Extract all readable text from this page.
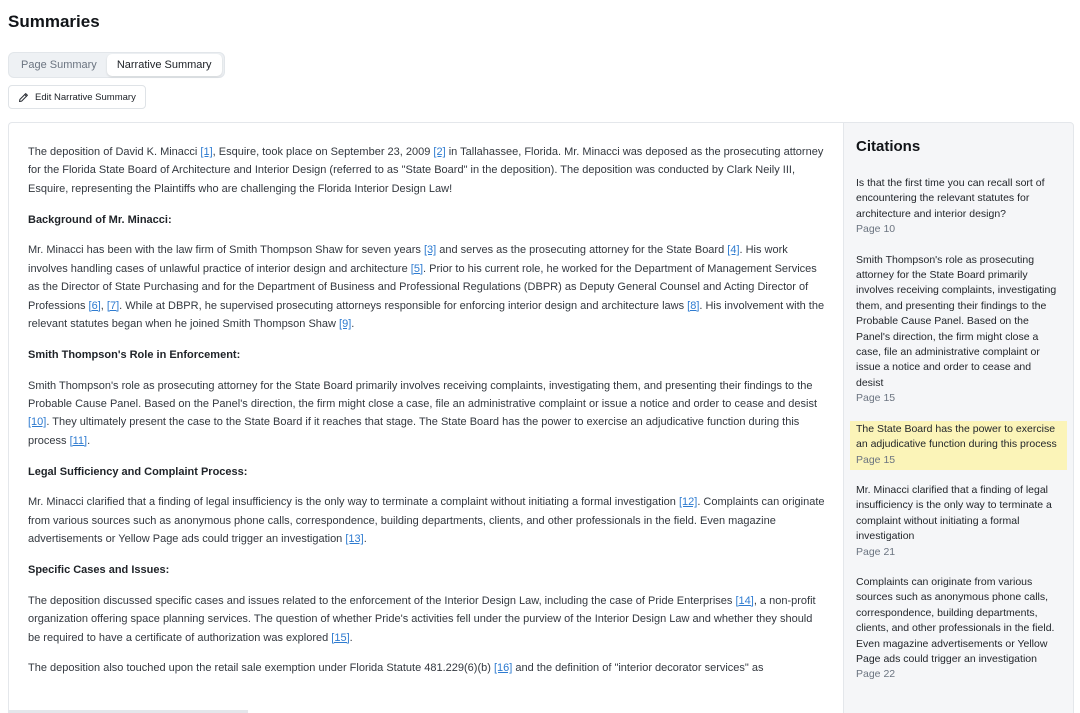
Summaries
Page Summary	Narrative Summary
Edit Narrative Summary

The deposition of David K. Minacci [1], Esquire, took place on September 23, 2009 [2] in Tallahassee, Florida. Mr. Minacci was deposed as the prosecuting attorney for the Florida State Board of Architecture and Interior Design (referred to as "State Board" in the deposition). The deposition was conducted by Clark Neily III, Esquire, representing the Plaintiffs who are challenging the Florida Interior Design Law!

Background of Mr. Minacci:

Mr. Minacci has been with the law firm of Smith Thompson Shaw for seven years [3] and serves as the prosecuting attorney for the State Board [4]. His work involves handling cases of unlawful practice of interior design and architecture [5]. Prior to his current role, he worked for the Department of Management Services as the Director of State Purchasing and for the Department of Business and Professional Regulations (DBPR) as Deputy General Counsel and Acting Director of Professions [6], [7]. While at DBPR, he supervised prosecuting attorneys responsible for enforcing interior design and architecture laws [8]. His involvement with the relevant statutes began when he joined Smith Thompson Shaw [9].

Smith Thompson's Role in Enforcement:

Smith Thompson's role as prosecuting attorney for the State Board primarily involves receiving complaints, investigating them, and presenting their findings to the Probable Cause Panel. Based on the Panel's direction, the firm might close a case, file an administrative complaint or issue a notice and order to cease and desist [10]. They ultimately present the case to the State Board if it reaches that stage. The State Board has the power to exercise an adjudicative function during this process [11].

Legal Sufficiency and Complaint Process:

Mr. Minacci clarified that a finding of legal insufficiency is the only way to terminate a complaint without initiating a formal investigation [12]. Complaints can originate from various sources such as anonymous phone calls, correspondence, building departments, clients, and other professionals in the field. Even magazine advertisements or Yellow Page ads could trigger an investigation [13].

Specific Cases and Issues:

The deposition discussed specific cases and issues related to the enforcement of the Interior Design Law, including the case of Pride Enterprises [14], a non-profit organization offering space planning services. The question of whether Pride's activities fell under the purview of the Interior Design Law and whether they should be required to have a certificate of authorization was explored [15].

The deposition also touched upon the retail sale exemption under Florida Statute 481.229(6)(b) [16] and the definition of "interior decorator services" as

Citations
Is that the first time you can recall sort of encountering the relevant statutes for architecture and interior design?
Page 10
Smith Thompson's role as prosecuting attorney for the State Board primarily involves receiving complaints, investigating them, and presenting their findings to the Probable Cause Panel. Based on the Panel's direction, the firm might close a case, file an administrative complaint or issue a notice and order to cease and desist
Page 15
The State Board has the power to exercise an adjudicative function during this process
Page 15
Mr. Minacci clarified that a finding of legal insufficiency is the only way to terminate a complaint without initiating a formal investigation
Page 21
Complaints can originate from various sources such as anonymous phone calls, correspondence, building departments, clients, and other professionals in the field. Even magazine advertisements or Yellow Page ads could trigger an investigation
Page 22
